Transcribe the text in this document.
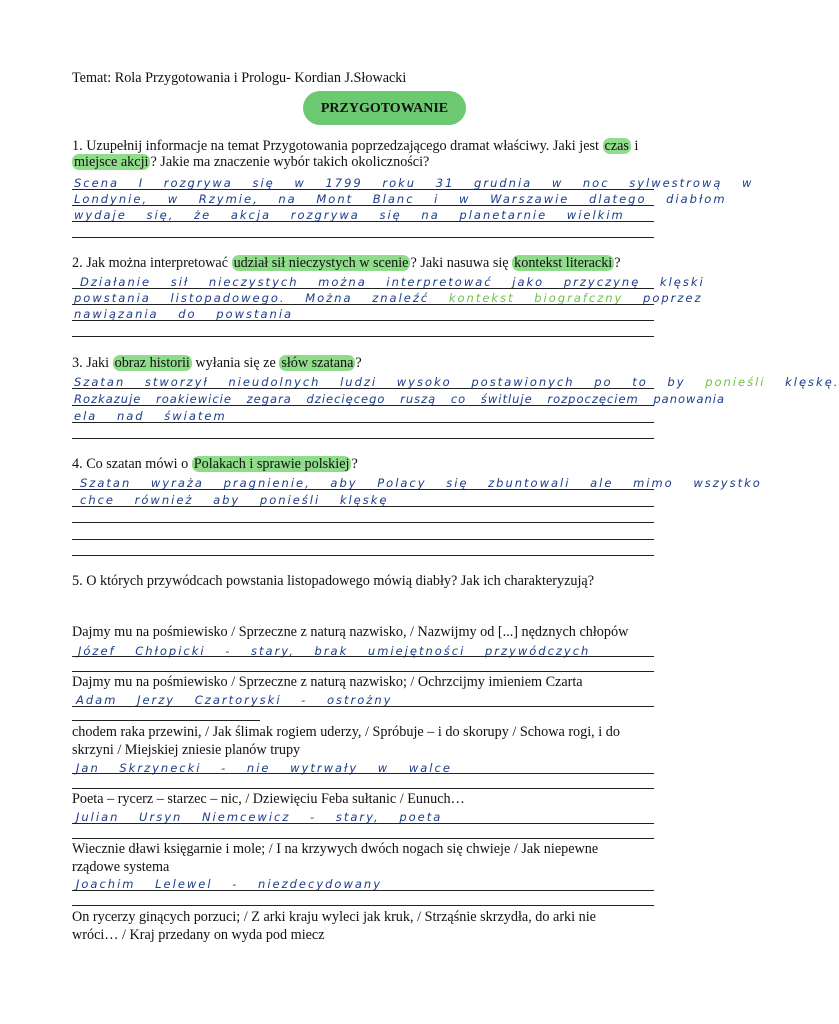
Temat: Rola Przygotowania i Prologu- Kordian J.Słowacki
PRZYGOTOWANIE
1. Uzupełnij informacje na temat Przygotowania poprzedzającego dramat właściwy. Jaki jest czas i
miejsce akcji ? Jakie ma znaczenie wybór takich okoliczności?
Scena I rozgrywa się w 1799 roku 31 grudnia w noc sylwestrową w
Londynie, w Rzymie, na Mont Blanc i w Warszawie dlatego diabłom
wydaje się, że akcja rozgrywa się na planetarnie wielkim
2. Jak można interpretować udział sił nieczystych w scenie ? Jaki nasuwa się kontekst literacki ?
Działanie sił nieczystych można interpretować jako przyczynę klęski
powstania listopadowego. Można znaleźć kontekst biografczny poprzez
nawiązania do powstania
3. Jaki obraz historii wyłania się ze słów szatana ?
Szatan stworzył nieudolnych ludzi wysoko postawionych po to by ponieśli klęskę.
Rozkazuje roakiewicie zegara dziecięcego ruszą co świtluje rozpoczęciem panowania
ela nad światem
4. Co szatan mówi o Polakach i sprawie polskiej ?
Szatan wyraża pragnienie, aby Polacy się zbuntowali ale mimo wszystko
chce również aby ponieśli klęskę
5. O których przywódcach powstania listopadowego mówią diabły? Jak ich charakteryzują?
Dajmy mu na pośmiewisko / Sprzeczne z naturą nazwisko, / Nazwijmy od [...] nędznych chłopów
Józef Chłopicki - stary, brak umiejętności przywódczych
Dajmy mu na pośmiewisko / Sprzeczne z naturą nazwisko; / Ochrzcijmy imieniem Czarta
Adam Jerzy Czartoryski - ostrożny
chodem raka przewini, / Jak ślimak rogiem uderzy, / Spróbuje – i do skorupy / Schowa rogi, i do
skrzyni / Miejskiej zniesie planów trupy
Jan Skrzynecki - nie wytrwały w walce
Poeta – rycerz – starzec – nic, / Dziewięciu Feba sułtanic / Eunuch…
Julian Ursyn Niemcewicz - stary, poeta
Wiecznie dławi księgarnie i mole; / I na krzywych dwóch nogach się chwieje / Jak niepewne
rządowe systema
Joachim Lelewel - niezdecydowany
On rycerzy ginących porzuci; / Z arki kraju wyleci jak kruk, / Strząśnie skrzydła, do arki nie
wróci… / Kraj przedany on wyda pod miecz
